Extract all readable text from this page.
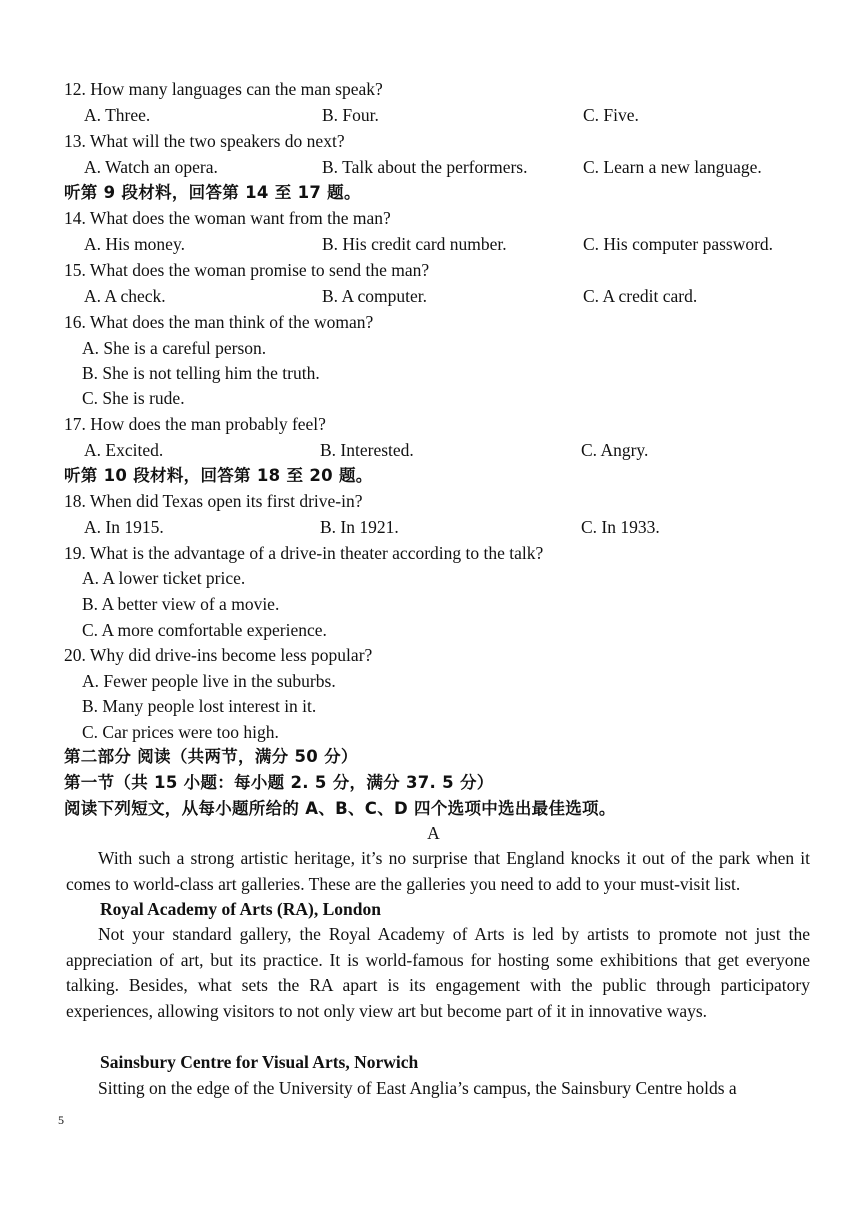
12. How many languages can the man speak?
A. Three.	B. Four.	C. Five.
13. What will the two speakers do next?
A. Watch an opera.	B. Talk about the performers.	C. Learn a new language.
听第 9 段材料，回答第 14 至 17 题。
14. What does the woman want from the man?
A. His money.	B. His credit card number.	C. His computer password.
15. What does the woman promise to send the man?
A. A check.	B. A computer.	C. A credit card.
16. What does the man think of the woman?
A. She is a careful person.
B. She is not telling him the truth.
C. She is rude.
17. How does the man probably feel?
A. Excited.	B. Interested.	C. Angry.
听第 10 段材料，回答第 18 至 20 题。
18. When did Texas open its first drive-in?
A. In 1915.	B. In 1921.	C. In 1933.
19. What is the advantage of a drive-in theater according to the talk?
A. A lower ticket price.
B. A better view of a movie.
C. A more comfortable experience.
20. Why did drive-ins become less popular?
A. Fewer people live in the suburbs.
B. Many people lost interest in it.
C. Car prices were too high.
第二部分 阅读（共两节，满分 50 分）
第一节（共 15 小题：每小题 2. 5 分，满分 37. 5 分）
阅读下列短文，从每小题所给的 A、B、C、D 四个选项中选出最佳选项。
A
With such a strong artistic heritage, it’s no surprise that England knocks it out of the park when it comes to world-class art galleries. These are the galleries you need to add to your must-visit list.
Royal Academy of Arts (RA), London
Not your standard gallery, the Royal Academy of Arts is led by artists to promote not just the appreciation of art, but its practice. It is world-famous for hosting some exhibitions that get everyone talking. Besides, what sets the RA apart is its engagement with the public through participatory experiences, allowing visitors to not only view art but become part of it in innovative ways.
Sainsbury Centre for Visual Arts, Norwich
Sitting on the edge of the University of East Anglia’s campus, the Sainsbury Centre holds a
5
